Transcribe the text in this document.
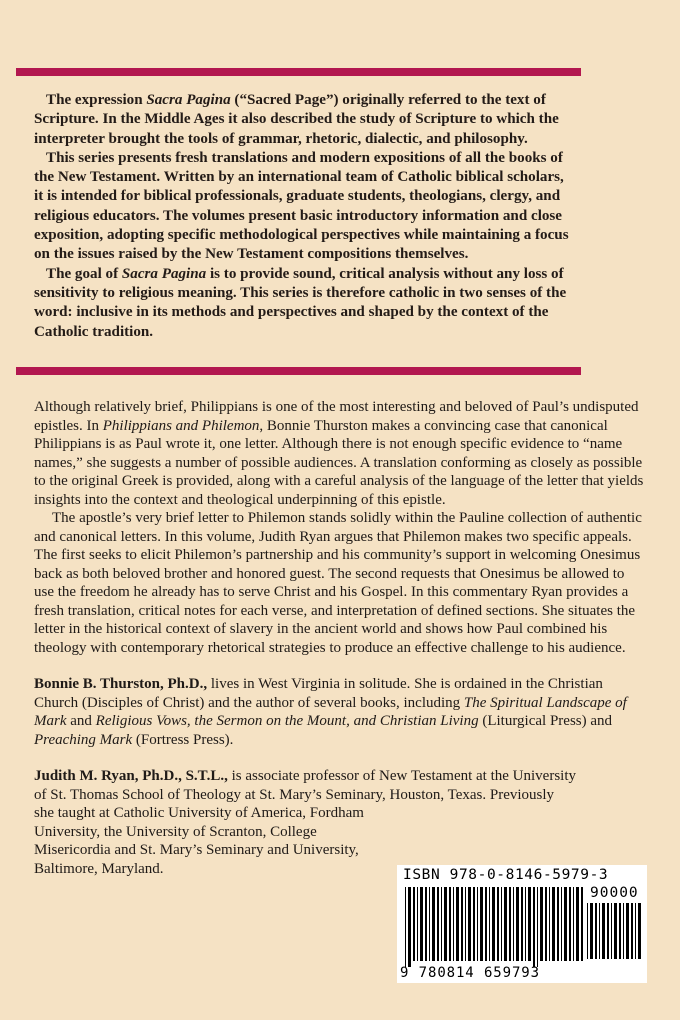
The expression Sacra Pagina (“Sacred Page”) originally referred to the text of Scripture. In the Middle Ages it also described the study of Scripture to which the interpreter brought the tools of grammar, rhetoric, dialectic, and philosophy.

This series presents fresh translations and modern expositions of all the books of the New Testament. Written by an international team of Catholic biblical scholars, it is intended for biblical professionals, graduate students, theologians, clergy, and religious educators. The volumes present basic introductory information and close exposition, adopting specific methodological perspectives while maintaining a focus on the issues raised by the New Testament compositions themselves.

The goal of Sacra Pagina is to provide sound, critical analysis without any loss of sensitivity to religious meaning. This series is therefore catholic in two senses of the word: inclusive in its methods and perspectives and shaped by the context of the Catholic tradition.

Although relatively brief, Philippians is one of the most interesting and beloved of Paul’s undisputed epistles. In Philippians and Philemon, Bonnie Thurston makes a convincing case that canonical Philippians is as Paul wrote it, one letter. Although there is not enough specific evidence to “name names,” she suggests a number of possible audiences. A translation conforming as closely as possible to the original Greek is provided, along with a careful analysis of the language of the letter that yields insights into the context and theological underpinning of this epistle.

The apostle’s very brief letter to Philemon stands solidly within the Pauline collection of authentic and canonical letters. In this volume, Judith Ryan argues that Philemon makes two specific appeals. The first seeks to elicit Philemon’s partnership and his community’s support in welcoming Onesimus back as both beloved brother and honored guest. The second requests that Onesimus be allowed to use the freedom he already has to serve Christ and his Gospel. In this commentary Ryan provides a fresh translation, critical notes for each verse, and interpretation of defined sections. She situates the letter in the historical context of slavery in the ancient world and shows how Paul combined his theology with contemporary rhetorical strategies to produce an effective challenge to his audience.

Bonnie B. Thurston, Ph.D., lives in West Virginia in solitude. She is ordained in the Christian Church (Disciples of Christ) and the author of several books, including The Spiritual Landscape of Mark and Religious Vows, the Sermon on the Mount, and Christian Living (Liturgical Press) and Preaching Mark (Fortress Press).

Judith M. Ryan, Ph.D., S.T.L., is associate professor of New Testament at the University
of St. Thomas School of Theology at St. Mary’s Seminary, Houston, Texas. Previously
she taught at Catholic University of America, Fordham
University, the University of Scranton, College
Misericordia and St. Mary’s Seminary and University,
Baltimore, Maryland.	ISBN 978-0-8146-5979-3
90000
9 780814 659793
